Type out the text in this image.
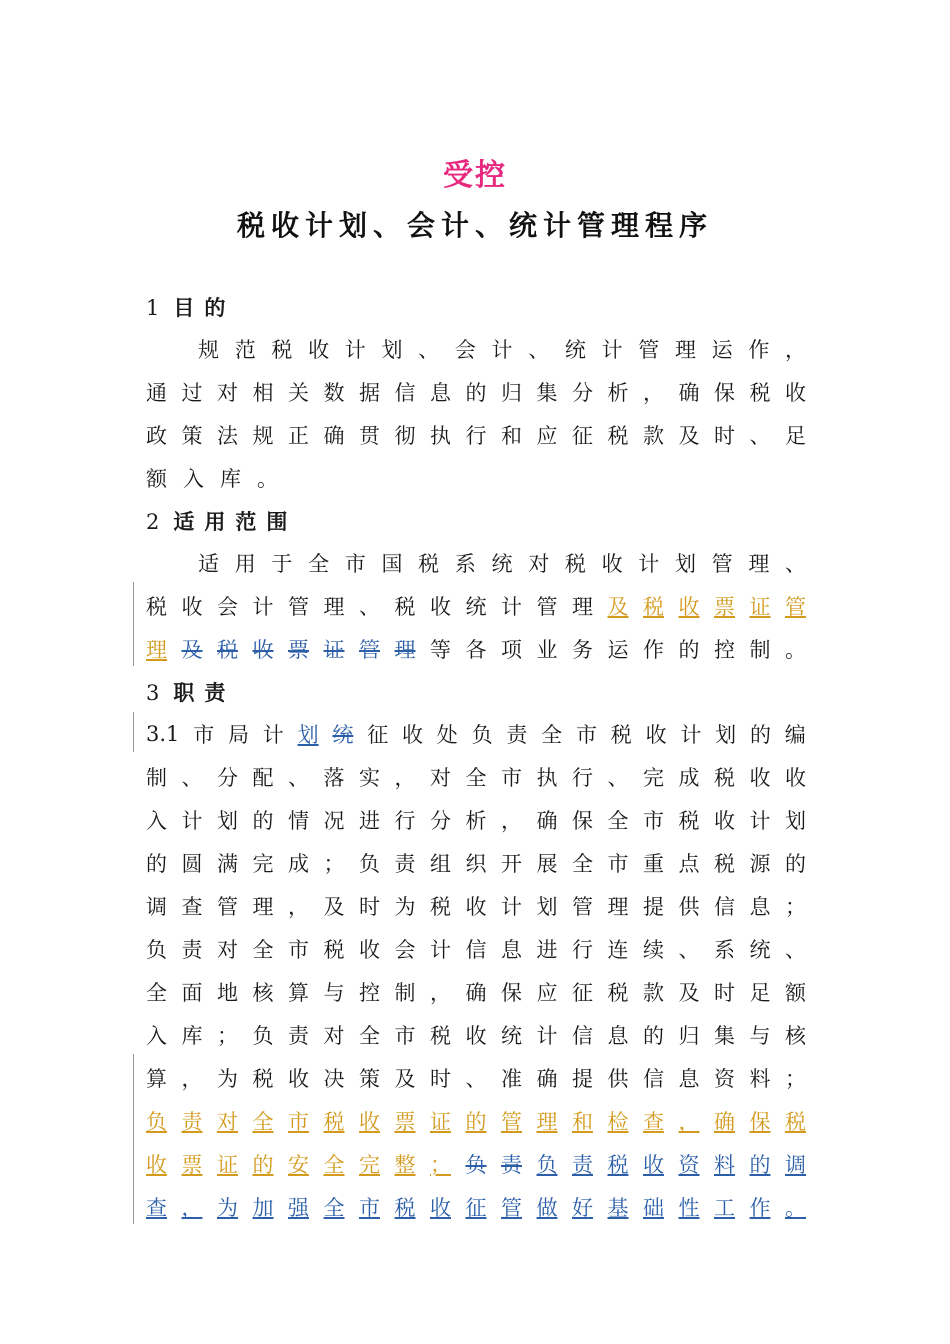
受控
税收计划、会计、统计管理程序
1 目的
规 范 税 收 计 划 、 会 计 、 统 计 管 理 运 作 ，
通 过 对 相 关 数 据 信 息 的 归 集 分 析 ， 确 保 税 收
政 策 法 规 正 确 贯 彻 执 行 和 应 征 税 款 及 时 、 足
额 入 库 。
2 适用范围
适 用 于 全 市 国 税 系 统 对 税 收 计 划 管 理 、
税 收 会 计 管 理 、 税 收 统 计 管 理 及 税 收 票 证 管
理 及 税 收 票 证 管 理 等 各 项 业 务 运 作 的 控 制 。
3 职责
3.1 市 局 计 划 统 征 收 处 负 责 全 市 税 收 计 划 的 编
制 、 分 配 、 落 实 ， 对 全 市 执 行 、 完 成 税 收 收
入 计 划 的 情 况 进 行 分 析 ， 确 保 全 市 税 收 计 划
的 圆 满 完 成 ； 负 责 组 织 开 展 全 市 重 点 税 源 的
调 查 管 理 ， 及 时 为 税 收 计 划 管 理 提 供 信 息 ；
负 责 对 全 市 税 收 会 计 信 息 进 行 连 续 、 系 统 、
全 面 地 核 算 与 控 制 ， 确 保 应 征 税 款 及 时 足 额
入 库 ； 负 责 对 全 市 税 收 统 计 信 息 的 归 集 与 核
算 ， 为 税 收 决 策 及 时 、 准 确 提 供 信 息 资 料 ；
负 责 对 全 市 税 收 票 证 的 管 理 和 检 查 ， 确 保 税
收 票 证 的 安 全 完 整 ； 负 责 负 责 税 收 资 料 的 调
查 ， 为 加 强 全 市 税 收 征 管 做 好 基 础 性 工 作 。
